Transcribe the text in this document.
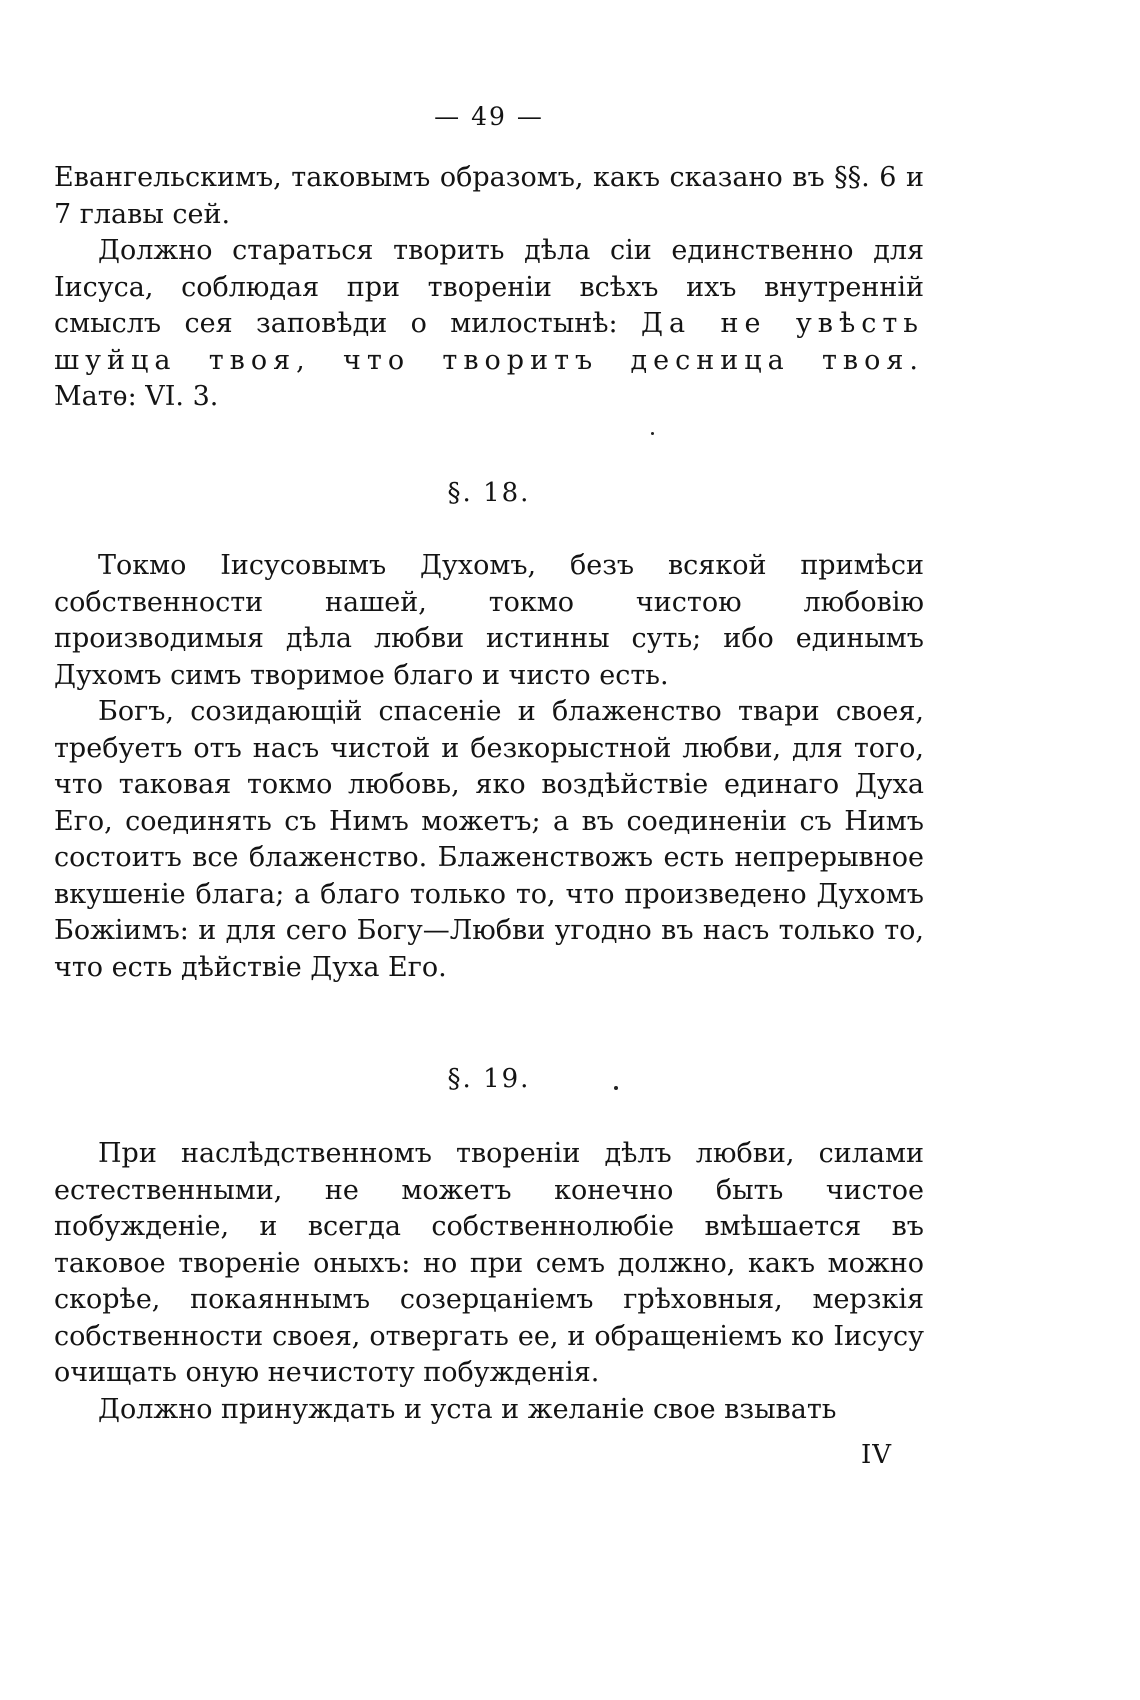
— 49 —

Евангельскимъ, таковымъ образомъ, какъ сказано въ §§. 6 и 7 главы сей.

Должно стараться творить дѣла сіи единственно для Іисуса, соблюдая при твореніи всѣхъ ихъ внутренній смыслъ сея заповѣди о милостынѣ: Да не увѣсть шуйца твоя, что творитъ десница твоя. Матѳ: VI. 3.

§. 18.

Токмо Іисусовымъ Духомъ, безъ всякой примѣси собственности нашей, токмо чистою любовію производимыя дѣла любви истинны суть; ибо единымъ Духомъ симъ творимое благо и чисто есть.

Богъ, созидающій спасеніе и блаженство твари своея, требуетъ отъ насъ чистой и безкорыстной любви, для того, что таковая токмо любовь, яко воздѣйствіе единаго Духа Его, соединять съ Нимъ можетъ; а въ соединеніи съ Нимъ состоитъ все блаженство. Блаженствожъ есть непрерывное вкушеніе блага; а благо только то, что произведено Духомъ Божіимъ: и для сего Богу—Любви угодно въ насъ только то, что есть дѣйствіе Духа Его.

§. 19.

При наслѣдственномъ твореніи дѣлъ любви, силами естественными, не можетъ конечно быть чистое побужденіе, и всегда собственнолюбіе вмѣшается въ таковое твореніе оныхъ: но при семъ должно, какъ можно скорѣе, покаяннымъ созерцаніемъ грѣховныя, мерзкія собственности своея, отвергать ее, и обращеніемъ ко Іисусу очищать оную нечистоту побужденія.

Должно принуждать и уста и желаніе свое взывать

IV
